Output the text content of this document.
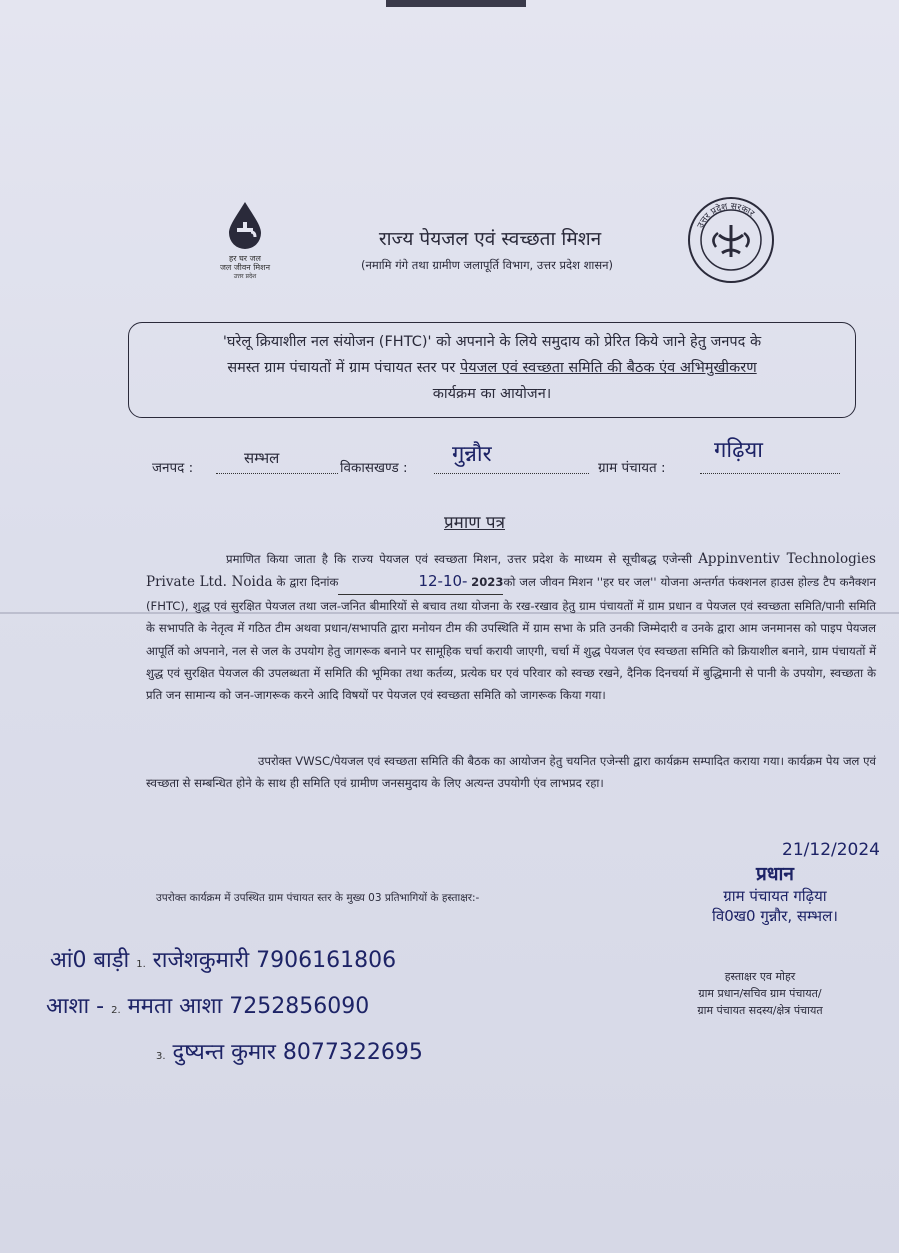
हर घर जल
जल जीवन मिशन
उत्तर प्रदेश
राज्य पेयजल एवं स्वच्छता मिशन
(नमामि गंगे तथा ग्रामीण जलापूर्ति विभाग, उत्तर प्रदेश शासन)
उत्तर प्रदेश सरकार
'घरेलू क्रियाशील नल संयोजन (FHTC)' को अपनाने के लिये समुदाय को प्रेरित किये जाने हेतु जनपद के
समस्त ग्राम पंचायतों में ग्राम पंचायत स्तर पर पेयजल एवं स्वच्छता समिति की बैठक एंव अभिमुखीकरण
कार्यक्रम का आयोजन।
जनपद :
सम्भल
विकासखण्ड :
गुन्नौर
ग्राम पंचायत :
गढ़िया
प्रमाण पत्र
प्रमाणित किया जाता है कि राज्य पेयजल एवं स्वच्छता मिशन, उत्तर प्रदेश के माध्यम से सूचीबद्ध एजेन्सी Appinventiv Technologies Private Ltd. Noida के द्वारा दिनांक	12-10- 2023को जल जीवन मिशन ''हर घर जल'' योजना अन्तर्गत फंक्शनल हाउस होल्ड टैप कनैक्शन (FHTC), शुद्ध एवं सुरक्षित पेयजल तथा जल-जनित बीमारियों से बचाव तथा योजना के रख-रखाव हेतु ग्राम पंचायतों में ग्राम प्रधान व पेयजल एवं स्वच्छता समिति/पानी समिति के सभापति के नेतृत्व में गठित टीम अथवा प्रधान/सभापति द्वारा मनोयन टीम की उपस्थिति में ग्राम सभा के प्रति उनकी जिम्मेदारी व उनके द्वारा आम जनमानस को पाइप पेयजल आपूर्ति को अपनाने, नल से जल के उपयोग हेतु जागरूक बनाने पर सामूहिक चर्चा करायी जाएगी, चर्चा में शुद्ध पेयजल एंव स्वच्छता समिति को क्रियाशील बनाने, ग्राम पंचायतों में शुद्ध एवं सुरक्षित पेयजल की उपलब्धता में समिति की भूमिका तथा कर्तव्य, प्रत्येक घर एवं परिवार को स्वच्छ रखने, दैनिक दिनचर्या में बुद्धिमानी से पानी के उपयोग, स्वच्छता के प्रति जन सामान्य को जन-जागरूक करने आदि विषयों पर पेयजल एवं स्वच्छता समिति को जागरूक किया गया।
उपरोक्त VWSC/पेयजल एवं स्वच्छता समिति की बैठक का आयोजन हेतु चयनित एजेन्सी द्वारा कार्यक्रम सम्पादित कराया गया। कार्यक्रम पेय जल एवं स्वच्छता से सम्बन्धित होने के साथ ही समिति एवं ग्रामीण जनसमुदाय के लिए अत्यन्त उपयोगी एंव लाभप्रद रहा।
21/12/2024
प्रधान
ग्राम पंचायत गढ़िया
वि0ख0 गुन्नौर, सम्भल।
हस्ताक्षर एव मोहर
ग्राम प्रधान/सचिव ग्राम पंचायत/
ग्राम पंचायत सदस्य/क्षेत्र पंचायत
उपरोक्त कार्यक्रम में उपस्थित ग्राम पंचायत स्तर के मुख्य 03 प्रतिभागियों के हस्ताक्षर:-
आं0 बाड़ी 1. राजेशकुमारी 7906161806
आशा - 2. ममता आशा 7252856090
3. दुष्यन्त कुमार 8077322695
